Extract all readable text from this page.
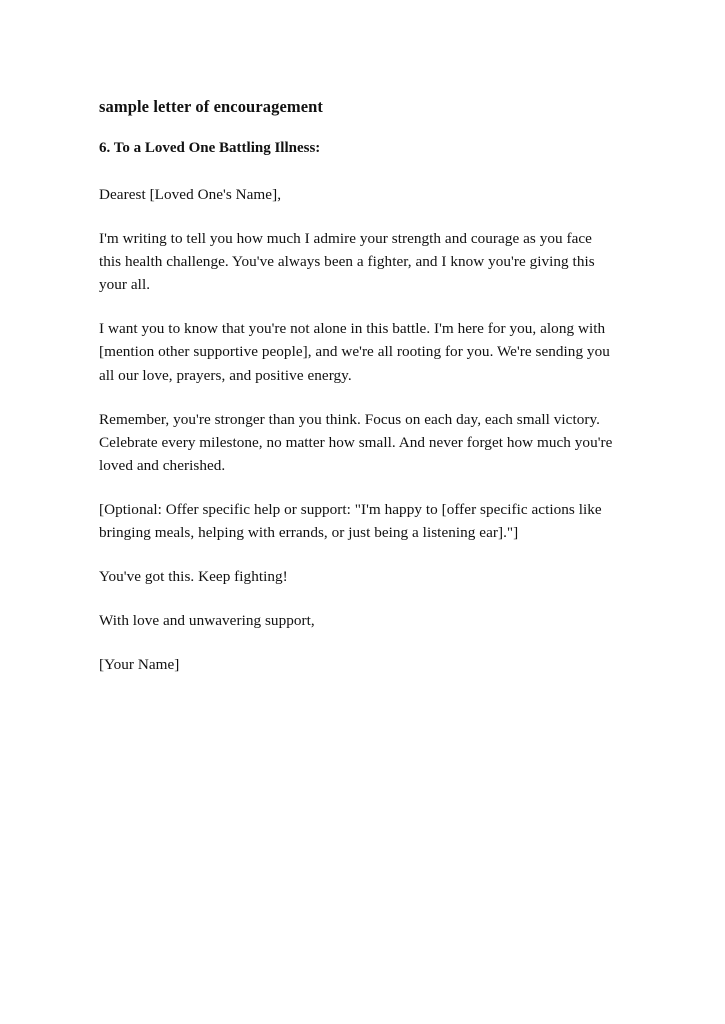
sample letter of encouragement
6. To a Loved One Battling Illness:

Dearest [Loved One's Name],

I'm writing to tell you how much I admire your strength and courage as you face this health challenge. You've always been a fighter, and I know you're giving this your all.

I want you to know that you're not alone in this battle. I'm here for you, along with [mention other supportive people], and we're all rooting for you. We're sending you all our love, prayers, and positive energy.

Remember, you're stronger than you think. Focus on each day, each small victory. Celebrate every milestone, no matter how small. And never forget how much you're loved and cherished.

[Optional: Offer specific help or support: "I'm happy to [offer specific actions like bringing meals, helping with errands, or just being a listening ear]."]

You've got this. Keep fighting!

With love and unwavering support,

[Your Name]
